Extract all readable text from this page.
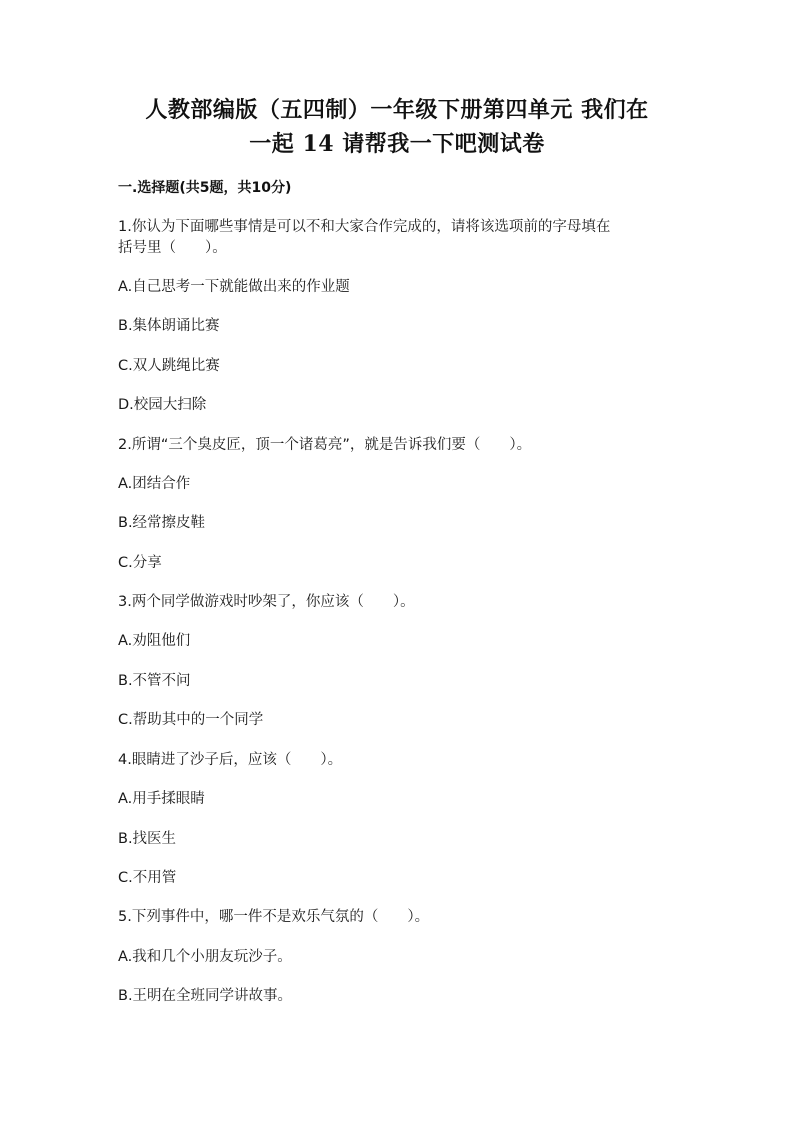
人教部编版（五四制）一年级下册第四单元 我们在
一起 14 请帮我一下吧测试卷
一.选择题(共5题，共10分)
1.你认为下面哪些事情是可以不和大家合作完成的，请将该选项前的字母填在
括号里（　　）。
A.自己思考一下就能做出来的作业题
B.集体朗诵比赛
C.双人跳绳比赛
D.校园大扫除
2.所谓“三个臭皮匠，顶一个诸葛亮”，就是告诉我们要（　　）。
A.团结合作
B.经常擦皮鞋
C.分享
3.两个同学做游戏时吵架了，你应该（　　）。
A.劝阻他们
B.不管不问
C.帮助其中的一个同学
4.眼睛进了沙子后，应该（　　）。
A.用手揉眼睛
B.找医生
C.不用管
5.下列事件中，哪一件不是欢乐气氛的（　　）。
A.我和几个小朋友玩沙子。
B.王明在全班同学讲故事。
